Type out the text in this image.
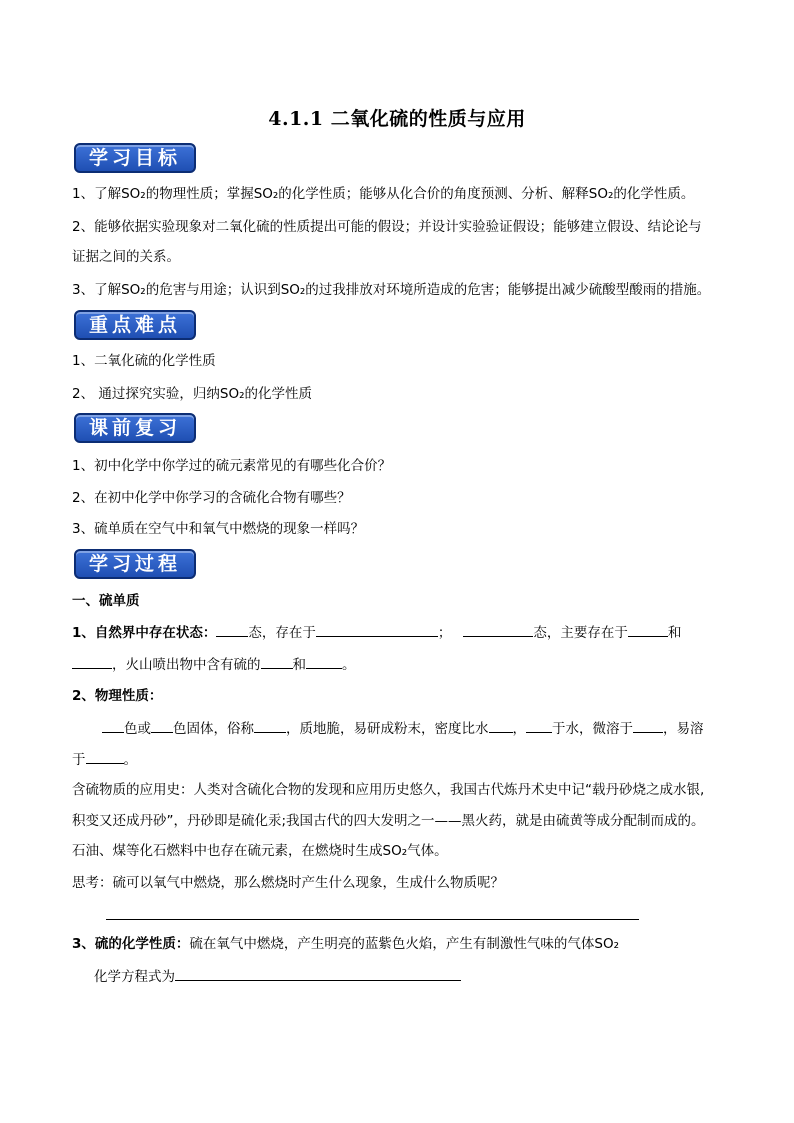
4.1.1 二氧化硫的性质与应用
学习目标
1、了解SO₂的物理性质；掌握SO₂的化学性质；能够从化合价的角度预测、分析、解释SO₂的化学性质。
2、能够依据实验现象对二氧化硫的性质提出可能的假设；并设计实验验证假设；能够建立假设、结论论与
证据之间的关系。
3、了解SO₂的危害与用途；认识到SO₂的过我排放对环境所造成的危害；能够提出减少硫酸型酸雨的措施。
重点难点
1、二氧化硫的化学性质
2、 通过探究实验，归纳SO₂的化学性质
课前复习
1、初中化学中你学过的硫元素常见的有哪些化合价？
2、在初中化学中你学习的含硫化合物有哪些？
3、硫单质在空气中和氧气中燃烧的现象一样吗？
学习过程
一、硫单质
1、自然界中存在状态： 态，存在于	；	态，主要存在于	和
，火山喷出物中含有硫的 和	。
2、物理性质：
色或 色固体，俗称 ，质地脆，易研成粉末，密度比水 ， 于水，微溶于 ，易溶
于	。
含硫物质的应用史：人类对含硫化合物的发现和应用历史悠久，我国古代炼丹术史中记“载丹砂烧之成水银,
积变又还成丹砂”，丹砂即是硫化汞;我国古代的四大发明之一——黑火药，就是由硫黄等成分配制而成的。
石油、煤等化石燃料中也存在硫元素，在燃烧时生成SO₂气体。
思考：硫可以氧气中燃烧，那么燃烧时产生什么现象，生成什么物质呢？
3、硫的化学性质：硫在氧气中燃烧，产生明亮的蓝紫色火焰，产生有制激性气味的气体SO₂
化学方程式为
